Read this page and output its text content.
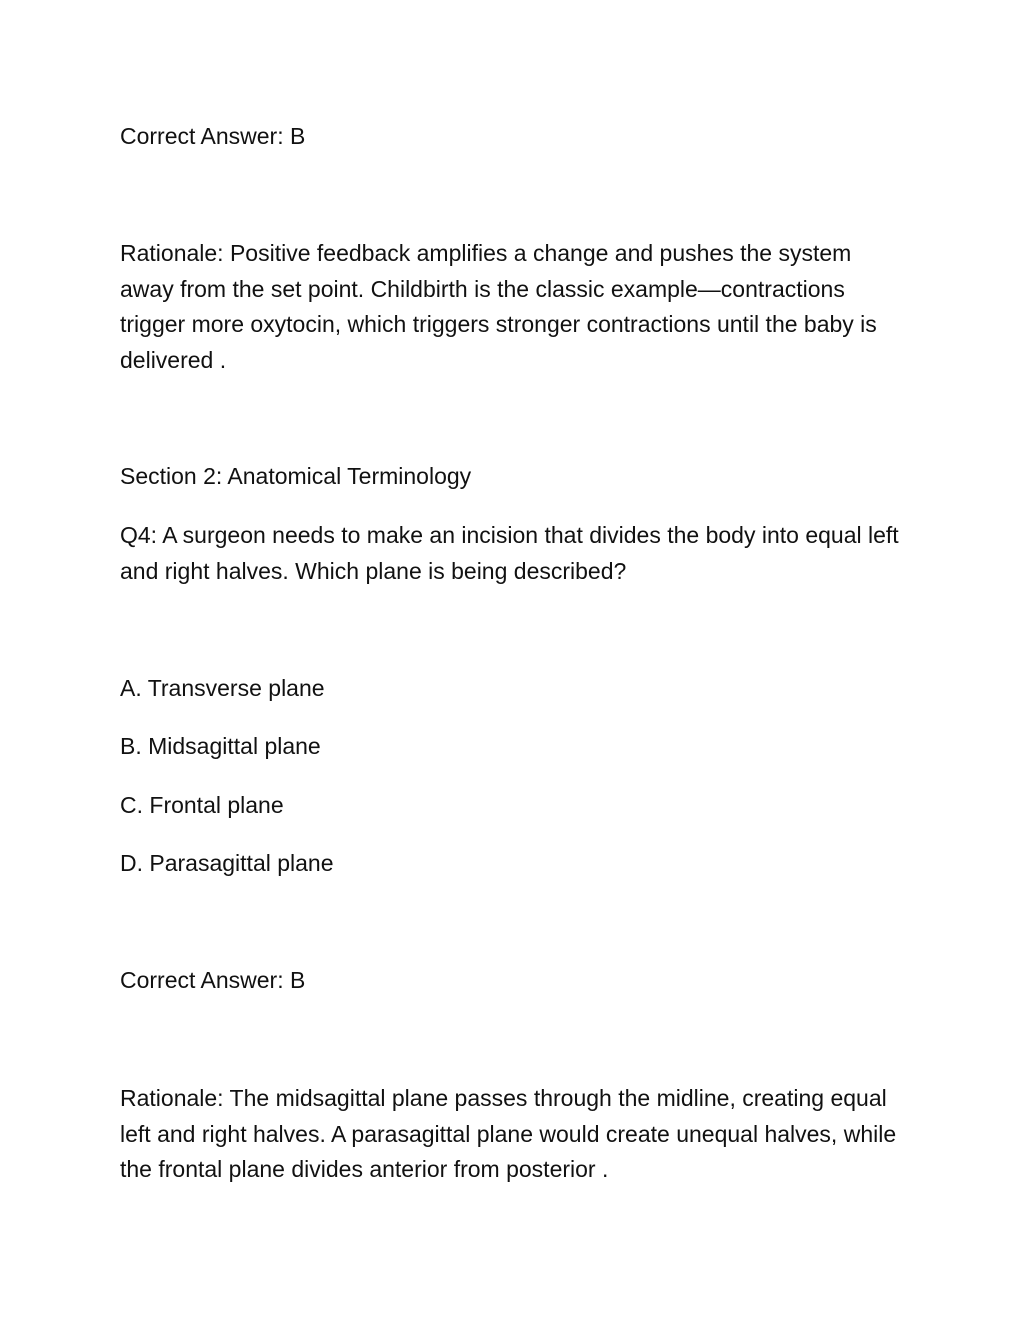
Correct Answer: B

Rationale: Positive feedback amplifies a change and pushes the system away from the set point. Childbirth is the classic example—contractions trigger more oxytocin, which triggers stronger contractions until the baby is delivered .

Section 2: Anatomical Terminology

Q4: A surgeon needs to make an incision that divides the body into equal left and right halves. Which plane is being described?

A. Transverse plane

B. Midsagittal plane

C. Frontal plane

D. Parasagittal plane

Correct Answer: B

Rationale: The midsagittal plane passes through the midline, creating equal left and right halves. A parasagittal plane would create unequal halves, while the frontal plane divides anterior from posterior .
